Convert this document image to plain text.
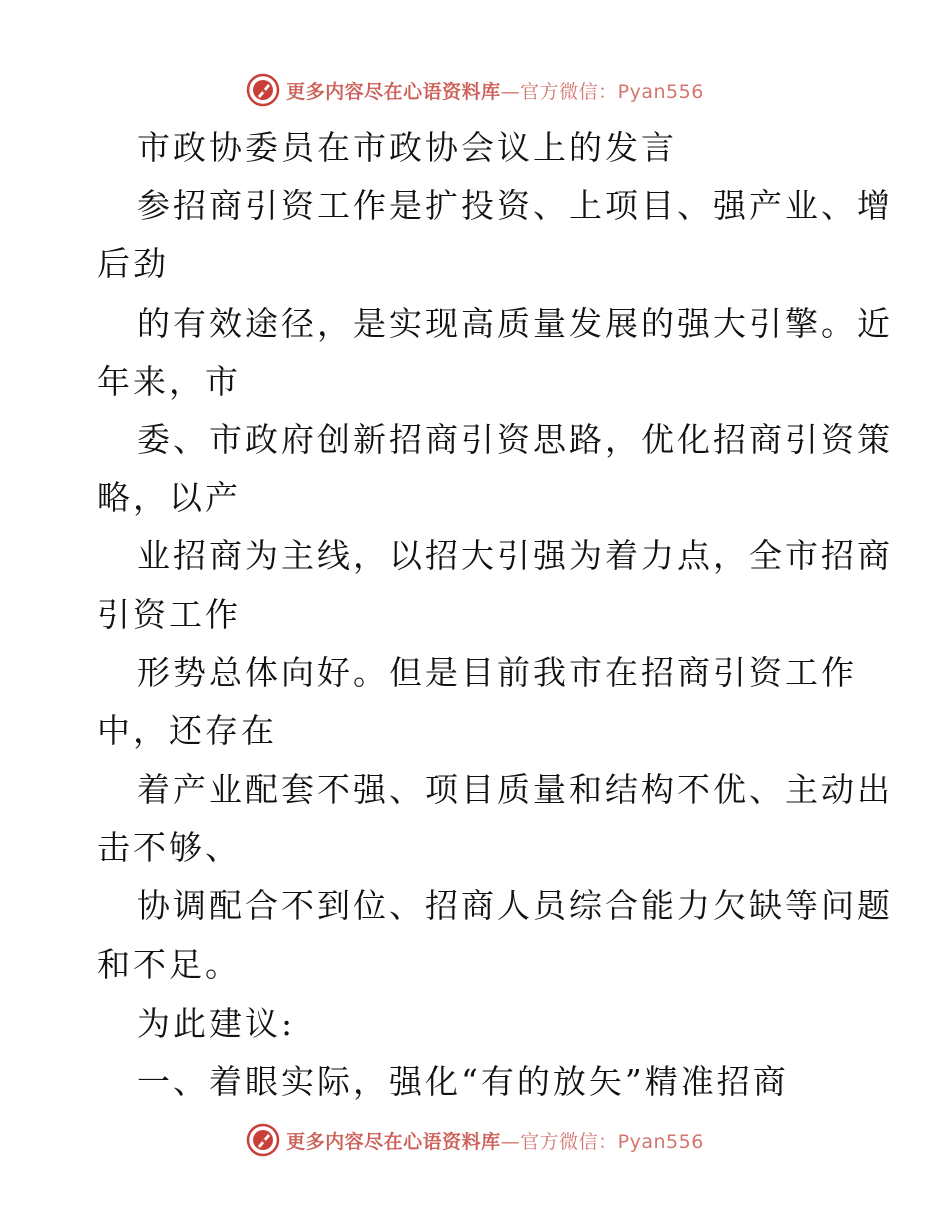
更多内容尽在心语资料库—官方微信：Pyan556
市政协委员在市政协会议上的发言
参招商引资工作是扩投资、上项目、强产业、增
后劲
的有效途径，是实现高质量发展的强大引擎。近
年来，市
委、市政府创新招商引资思路，优化招商引资策
略，以产
业招商为主线，以招大引强为着力点，全市招商
引资工作
形势总体向好。但是目前我市在招商引资工作
中，还存在
着产业配套不强、项目质量和结构不优、主动出
击不够、
协调配合不到位、招商人员综合能力欠缺等问题
和不足。
为此建议:
一、着眼实际，强化“有的放矢”精准招商
更多内容尽在心语资料库—官方微信：Pyan556
